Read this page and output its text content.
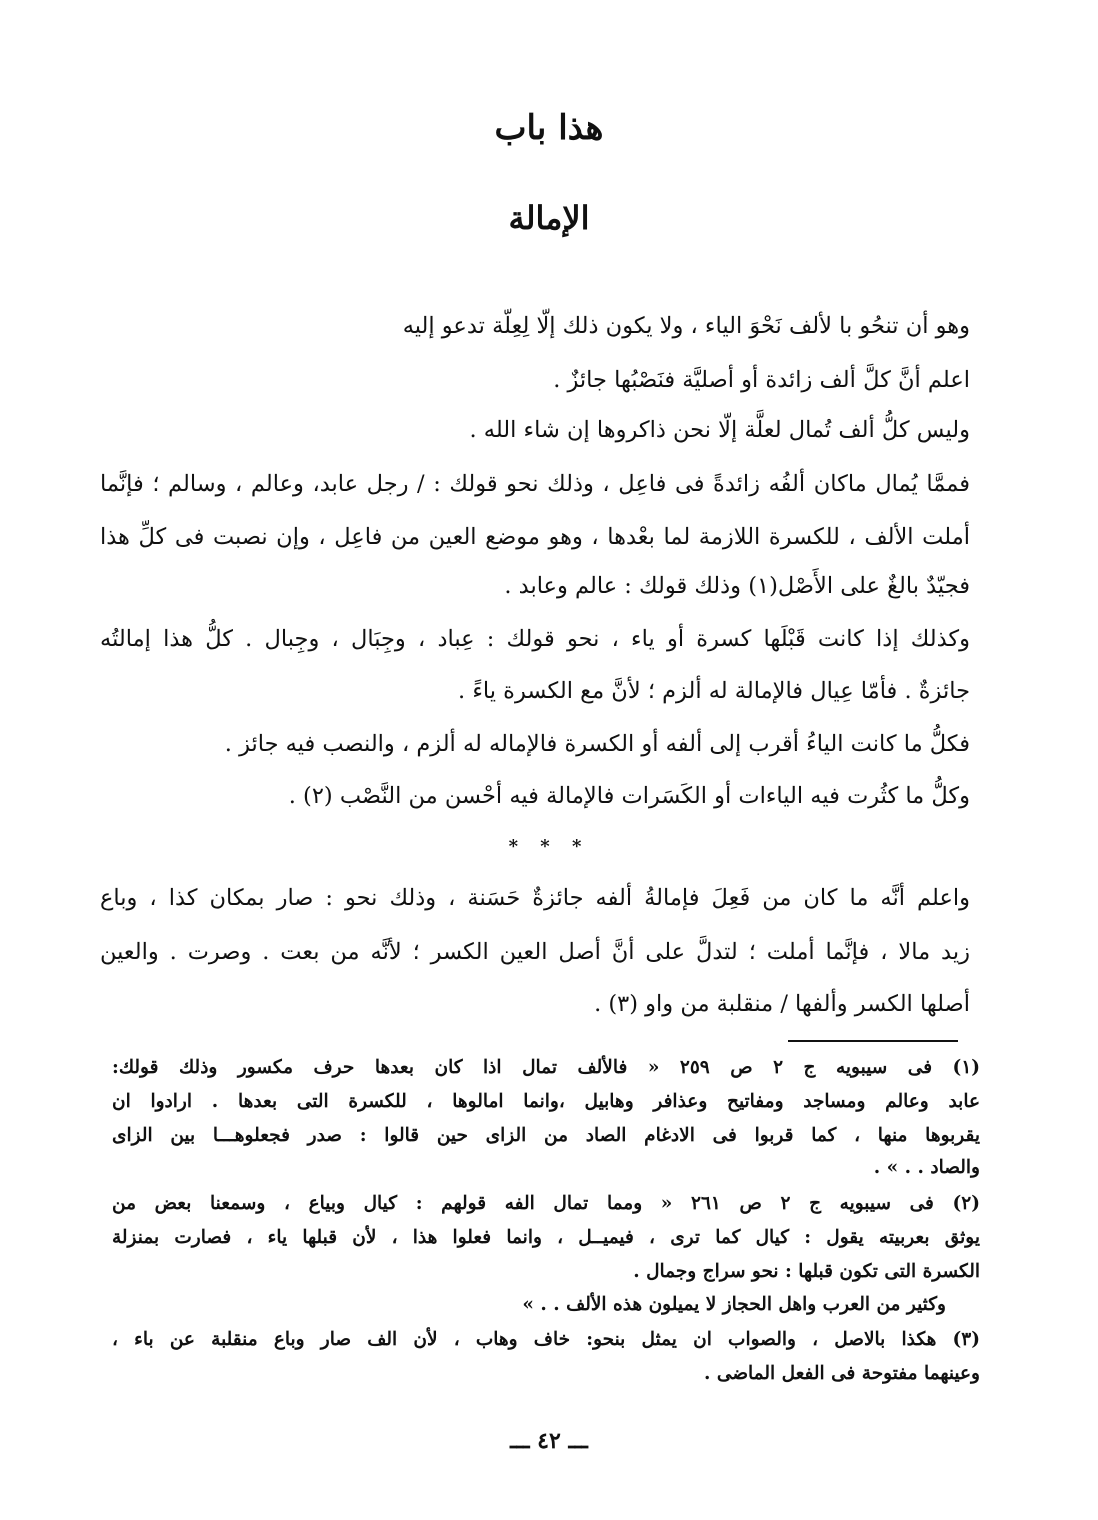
هذا باب
الإمالة
وهو أن تنحُو با لألف نَحْوَ الياء ، ولا يكون ذلك إلّا لِعِلّة تدعو إليه
اعلم أنَّ كلَّ ألف زائدة أو أصليَّة فنَصْبُها جائزٌ .
وليس كلُّ ألف تُمال لعلَّة إلّا نحن ذاكروها إن شاء الله .
فممَّا يُمال ماكان ألفُه زائدةً فى فاعِل ، وذلك نحو قولك : / رجل عابد، وعالم ، وسالم ؛ فإنَّما
أملت الألف ، للكسرة اللازمة لما بعْدها ، وهو موضع العين من فاعِل ، وإن نصبت فى كلِّ هذا
فجيّدٌ بالغٌ على الأَصْل(١) وذلك قولك : عالم وعابد .
وكذلك إذا كانت قَبْلَها كسرة أو ياء ، نحو قولك : عِباد ، وجِبَال ، وجِبال . كلُّ هذا إمالتُه
جائزةٌ . فأمّا عِيال فالإمالة له ألزم ؛ لأنَّ مع الكسرة ياءً .
فكلُّ ما كانت الياءُ أقرب إلى ألفه أو الكسرة فالإماله له ألزم ، والنصب فيه جائز .
وكلُّ ما كثُرت فيه الياءات أو الكَسَرات فالإمالة فيه أحْسن من النَّصْب (٢) .
* * *
واعلم أنَّه ما كان من فَعِلَ فإمالةُ ألفه جائزةٌ حَسَنة ، وذلك نحو : صار بمكان كذا ، وباع
زيد مالا ، فإنَّما أملت ؛ لتدلَّ على أنَّ أصل العين الكسر ؛ لأنَّه من بعت . وصرت . والعين
أصلها الكسر وألفها / منقلبة من واو (٣) .
(١) فى سيبويه ج ٢ ص ٢٥٩ « فالألف تمال اذا كان بعدها حرف مكسور وذلك قولك:
عابد وعالم ومساجد ومفاتيح وعذافر وهابيل ،وانما امالوها ، للكسرة التى بعدها . ارادوا ان
يقربوها منها ، كما قربوا فى الادغام الصاد من الزاى حين قالوا : صدر فجعلوهـــا بين الزاى
والصاد . . » .
(٢) فى سيبويه ج ٢ ص ٢٦١ « ومما تمال الفه قولهم : كيال وبياع ، وسمعنا بعض من
يوثق بعربيته يقول : كيال كما ترى ، فيميــل ، وانما فعلوا هذا ، لأن قبلها ياء ، فصارت بمنزلة
الكسرة التى تكون قبلها : نحو سراج وجمال .
وكثير من العرب واهل الحجاز لا يميلون هذه الألف . . »
(٣) هكذا بالاصل ، والصواب ان يمثل بنحو: خاف وهاب ، لأن الف صار وباع منقلبة عن باء ،
وعينهما مفتوحة فى الفعل الماضى .
ـــ ٤٢ ـــ
